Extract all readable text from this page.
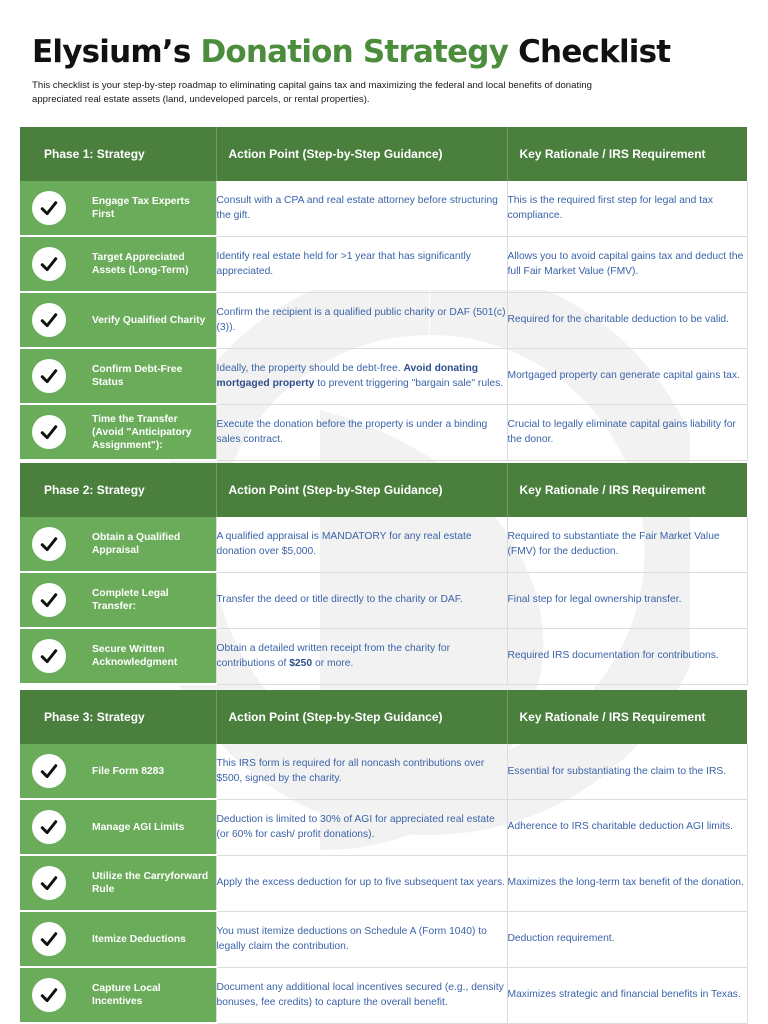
Elysium’s Donation Strategy Checklist

This checklist is your step-by-step roadmap to eliminating capital gains tax and maximizing the federal and local benefits of donating appreciated real estate assets (land, undeveloped parcels, or rental properties).

Phase 1: Strategy	Action Point (Step-by-Step Guidance)	Key Rationale / IRS Requirement

Engage Tax Experts First	Consult with a CPA and real estate attorney before structuring the gift.	This is the required first step for legal and tax compliance.

Target Appreciated Assets (Long-Term)	Identify real estate held for >1 year that has significantly appreciated.	Allows you to avoid capital gains tax and deduct the full Fair Market Value (FMV).

Verify Qualified Charity	Confirm the recipient is a qualified public charity or DAF (501(c)(3)).	Required for the charitable deduction to be valid.

Confirm Debt-Free Status	Ideally, the property should be debt-free. Avoid donating mortgaged property to prevent triggering "bargain sale" rules.	Mortgaged property can generate capital gains tax.

Time the Transfer (Avoid "Anticipatory Assignment"):	Execute the donation before the property is under a binding sales contract.	Crucial to legally eliminate capital gains liability for the donor.
Phase 2: Strategy	Action Point (Step-by-Step Guidance)	Key Rationale / IRS Requirement

Obtain a Qualified Appraisal	A qualified appraisal is MANDATORY for any real estate donation over $5,000.	Required to substantiate the Fair Market Value (FMV) for the deduction.

Complete Legal Transfer:	Transfer the deed or title directly to the charity or DAF.	Final step for legal ownership transfer.

Secure Written Acknowledgment	Obtain a detailed written receipt from the charity for contributions of $250 or more.	Required IRS documentation for contributions.
Phase 3: Strategy	Action Point (Step-by-Step Guidance)	Key Rationale / IRS Requirement

File Form 8283	This IRS form is required for all noncash contributions over $500, signed by the charity.	Essential for substantiating the claim to the IRS.

Manage AGI Limits	Deduction is limited to 30% of AGI for appreciated real estate (or 60% for cash/ profit donations).	Adherence to IRS charitable deduction AGI limits.

Utilize the Carryforward Rule	Apply the excess deduction for up to five subsequent tax years.	Maximizes the long-term tax benefit of the donation.

Itemize Deductions	You must itemize deductions on Schedule A (Form 1040) to legally claim the contribution.	Deduction requirement.

Capture Local Incentives	Document any additional local incentives secured (e.g., density bonuses, fee credits) to capture the overall benefit.	Maximizes strategic and financial benefits in Texas.
